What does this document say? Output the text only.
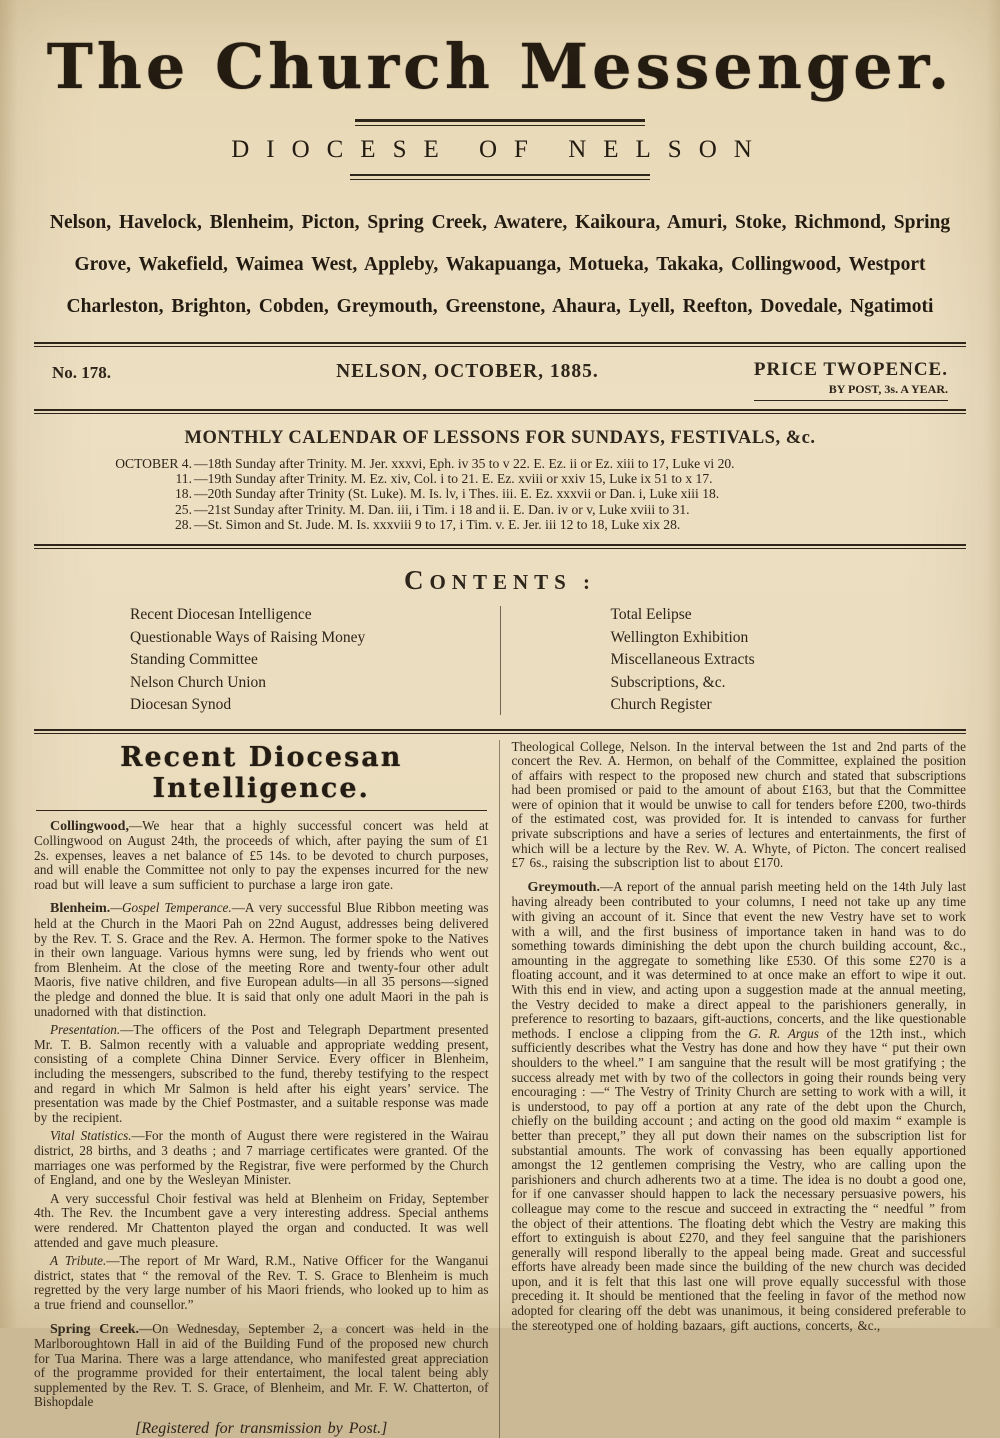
The Church Messenger.
DIOCESE OF NELSON
Nelson, Havelock, Blenheim, Picton, Spring Creek, Awatere, Kaikoura, Amuri, Stoke, Richmond, Spring
Grove, Wakefield, Waimea West, Appleby, Wakapuanga, Motueka, Takaka, Collingwood, Westport
Charleston, Brighton, Cobden, Greymouth, Greenstone, Ahaura, Lyell, Reefton, Dovedale, Ngatimoti
No. 178.	NELSON, OCTOBER, 1885.	PRICE TWOPENCE.
BY POST, 3s. A YEAR.
MONTHLY CALENDAR OF LESSONS FOR SUNDAYS, FESTIVALS, &c.
OCTOBER 4. —18th Sunday after Trinity. M. Jer. xxxvi, Eph. iv 35 to v 22. E. Ez. ii or Ez. xiii to 17, Luke vi 20.
11. —19th Sunday after Trinity. M. Ez. xiv, Col. i to 21. E. Ez. xviii or xxiv 15, Luke ix 51 to x 17.
18. —20th Sunday after Trinity (St. Luke). M. Is. lv, i Thes. iii. E. Ez. xxxvii or Dan. i, Luke xiii 18.
25. —21st Sunday after Trinity. M. Dan. iii, i Tim. i 18 and ii. E. Dan. iv or v, Luke xviii to 31.
28. —St. Simon and St. Jude. M. Is. xxxviii 9 to 17, i Tim. v. E. Jer. iii 12 to 18, Luke xix 28.
CONTENTS :
Recent Diocesan Intelligence
Questionable Ways of Raising Money
Standing Committee
Nelson Church Union
Diocesan Synod
Total Eelipse
Wellington Exhibition
Miscellaneous Extracts
Subscriptions, &c.
Church Register
Recent Diocesan Intelligence.

Collingwood,—We hear that a highly successful concert was held at Collingwood on August 24th, the proceeds of which, after paying the sum of £1 2s. expenses, leaves a net balance of £5 14s. to be devoted to church purposes, and will enable the Committee not only to pay the expenses incurred for the new road but will leave a sum sufficient to purchase a large iron gate.

Blenheim.—Gospel Temperance.—A very successful Blue Ribbon meeting was held at the Church in the Maori Pah on 22nd August, addresses being delivered by the Rev. T. S. Grace and the Rev. A. Hermon. The former spoke to the Natives in their own language. Various hymns were sung, led by friends who went out from Blenheim. At the close of the meeting Rore and twenty-four other adult Maoris, five native children, and five European adults—in all 35 persons—signed the pledge and donned the blue. It is said that only one adult Maori in the pah is unadorned with that distinction.

Presentation.—The officers of the Post and Telegraph Department presented Mr. T. B. Salmon recently with a valuable and appropriate wedding present, consisting of a complete China Dinner Service. Every officer in Blenheim, including the messengers, subscribed to the fund, thereby testifying to the respect and regard in which Mr Salmon is held after his eight years’ service. The presentation was made by the Chief Postmaster, and a suitable response was made by the recipient.

Vital Statistics.—For the month of August there were registered in the Wairau district, 28 births, and 3 deaths ; and 7 marriage certificates were granted. Of the marriages one was performed by the Registrar, five were performed by the Church of England, and one by the Wesleyan Minister.

A very successful Choir festival was held at Blenheim on Friday, September 4th. The Rev. the Incumbent gave a very interesting address. Special anthems were rendered. Mr Chattenton played the organ and conducted. It was well attended and gave much pleasure.

A Tribute.—The report of Mr Ward, R.M., Native Officer for the Wanganui district, states that “ the removal of the Rev. T. S. Grace to Blenheim is much regretted by the very large number of his Maori friends, who looked up to him as a true friend and counsellor.”

Spring Creek.—On Wednesday, September 2, a concert was held in the Marlboroughtown Hall in aid of the Building Fund of the proposed new church for Tua Marina. There was a large attendance, who manifested great appreciation of the programme provided for their entertaiment, the local talent being ably supplemented by the Rev. T. S. Grace, of Blenheim, and Mr. F. W. Chatterton, of Bishopdale

[Registered for transmission by Post.]

Theological College, Nelson. In the interval between the 1st and 2nd parts of the concert the Rev. A. Hermon, on behalf of the Committee, explained the position of affairs with respect to the proposed new church and stated that subscriptions had been promised or paid to the amount of about £163, but that the Committee were of opinion that it would be unwise to call for tenders before £200, two-thirds of the estimated cost, was provided for. It is intended to canvass for further private subscriptions and have a series of lectures and entertainments, the first of which will be a lecture by the Rev. W. A. Whyte, of Picton. The concert realised £7 6s., raising the subscription list to about £170.

Greymouth.—A report of the annual parish meeting held on the 14th July last having already been contributed to your columns, I need not take up any time with giving an account of it. Since that event the new Vestry have set to work with a will, and the first business of importance taken in hand was to do something towards diminishing the debt upon the church building account, &c., amounting in the aggregate to something like £530. Of this some £270 is a floating account, and it was determined to at once make an effort to wipe it out. With this end in view, and acting upon a suggestion made at the annual meeting, the Vestry decided to make a direct appeal to the parishioners generally, in preference to resorting to bazaars, gift-auctions, concerts, and the like questionable methods. I enclose a clipping from the G. R. Argus of the 12th inst., which sufficiently describes what the Vestry has done and how they have “ put their own shoulders to the wheel.” I am sanguine that the result will be most gratifying ; the success already met with by two of the collectors in going their rounds being very encouraging : —“ The Vestry of Trinity Church are setting to work with a will, it is understood, to pay off a portion at any rate of the debt upon the Church, chiefly on the building account ; and acting on the good old maxim “ example is better than precept,” they all put down their names on the subscription list for substantial amounts. The work of convassing has been equally apportioned amongst the 12 gentlemen comprising the Vestry, who are calling upon the parishioners and church adherents two at a time. The idea is no doubt a good one, for if one canvasser should happen to lack the necessary persuasive powers, his colleague may come to the rescue and succeed in extracting the “ needful ” from the object of their attentions. The floating debt which the Vestry are making this effort to extinguish is about £270, and they feel sanguine that the parishioners generally will respond liberally to the appeal being made. Great and successful efforts have already been made since the building of the new church was decided upon, and it is felt that this last one will prove equally successful with those preceding it. It should be mentioned that the feeling in favor of the method now adopted for clearing off the debt was unanimous, it being considered preferable to the stereotyped one of holding bazaars, gift auctions, concerts, &c.,
